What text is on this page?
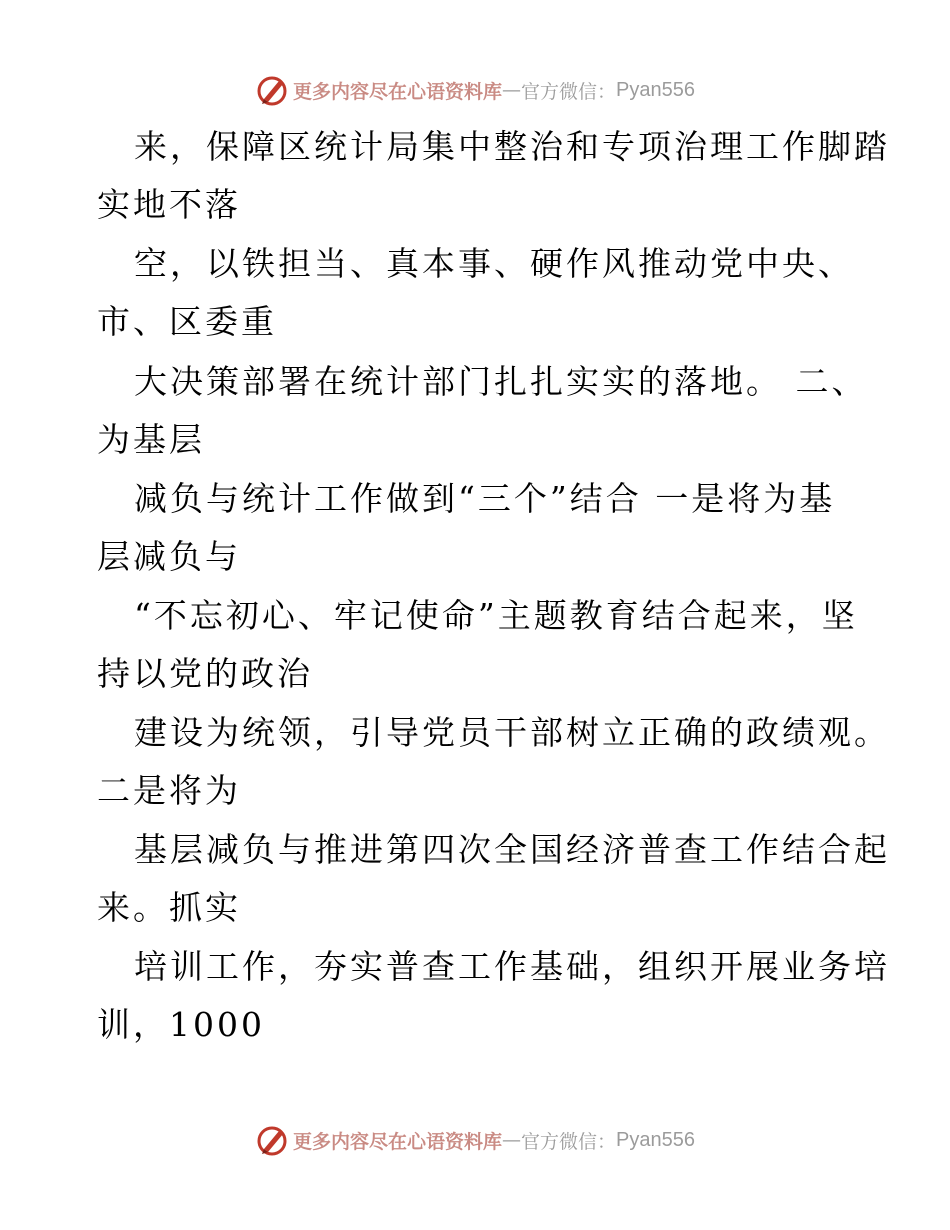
更多内容尽在心语资料库 — 官方微信： Pyan556
来，保障区统计局集中整治和专项治理工作脚踏
实地不落
空，以铁担当、真本事、硬作风推动党中央、
市、区委重
大决策部署在统计部门扎扎实实的落地。 二、
为基层
减负与统计工作做到“三个”结合 一是将为基
层减负与
“不忘初心、牢记使命”主题教育结合起来，坚
持以党的政治
建设为统领，引导党员干部树立正确的政绩观。
二是将为
基层减负与推进第四次全国经济普查工作结合起
来。抓实
培训工作，夯实普查工作基础，组织开展业务培
训，1000
更多内容尽在心语资料库 — 官方微信： Pyan556
